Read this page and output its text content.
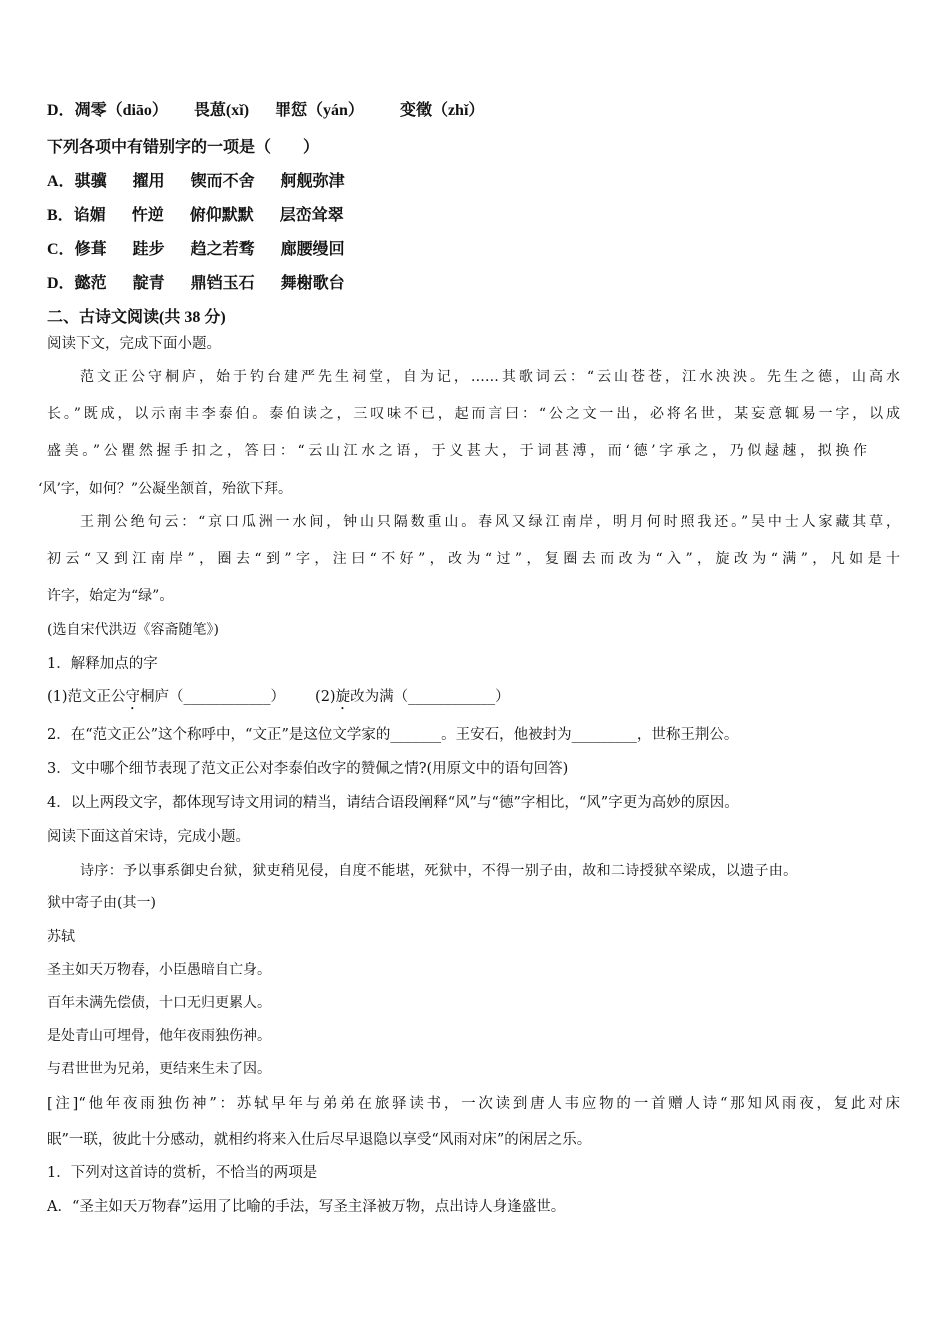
D．凋零（diāo） 畏葸(xǐ) 罪愆（yán） 变徵（zhǐ）
下列各项中有错别字的一项是（　　）
A．骐骥 擢用 锲而不舍 舸舰弥津
B．谄媚 忤逆 俯仰默默 层峦耸翠
C．修葺 跬步 趋之若骛 廊腰缦回
D．懿范 靛青 鼎铛玉石 舞榭歌台
二、古诗文阅读(共 38 分)
阅读下文，完成下面小题。
范文正公守桐庐，始于钓台建严先生祠堂，自为记，……其歌词云：“云山苍苍，江水泱泱。先生之德，山高水
长。”既成，以示南丰李泰伯。泰伯读之，三叹味不已，起而言曰：“公之文一出，必将名世，某妄意辄易一字，以成
盛美。”公瞿然握手扣之，答曰：“云山江水之语，于义甚大，于词甚溥，而‘德’字承之，乃似趢趚，拟换作
‘风’字，如何？”公凝坐颔首，殆欲下拜。
王荆公绝句云：“京口瓜洲一水间，钟山只隔数重山。春风又绿江南岸，明月何时照我还。”吴中士人家藏其草，
初云“又到江南岸”，圈去“到”字，注曰“不好”，改为“过”，复圈去而改为“入”，旋改为“满”，凡如是十
许字，始定为“绿”。
(选自宋代洪迈《容斋随笔》)
1．解释加点的字
(1)范文正公守桐庐（____________） (2)旋改为满（____________）
2．在“范文正公”这个称呼中，“文正”是这位文学家的_______。王安石，他被封为_________，世称王荆公。
3．文中哪个细节表现了范文正公对李泰伯改字的赞佩之情?(用原文中的语句回答)
4．以上两段文字，都体现写诗文用词的精当，请结合语段阐释“风”与“德”字相比，“风”字更为高妙的原因。
阅读下面这首宋诗，完成小题。
诗序：予以事系御史台狱，狱吏稍见侵，自度不能堪，死狱中，不得一别子由，故和二诗授狱卒梁成，以遗子由。
狱中寄子由(其一)
苏轼
圣主如天万物春，小臣愚暗自亡身。
百年未满先偿债，十口无归更累人。
是处青山可埋骨，他年夜雨独伤神。
与君世世为兄弟，更结来生未了因。
[注]“他年夜雨独伤神”：苏轼早年与弟弟在旅驿读书，一次读到唐人韦应物的一首赠人诗“那知风雨夜，复此对床
眠”一联，彼此十分感动，就相约将来入仕后尽早退隐以享受“风雨对床”的闲居之乐。
1．下列对这首诗的赏析，不恰当的两项是
A．“圣主如天万物春”运用了比喻的手法，写圣主泽被万物，点出诗人身逢盛世。
